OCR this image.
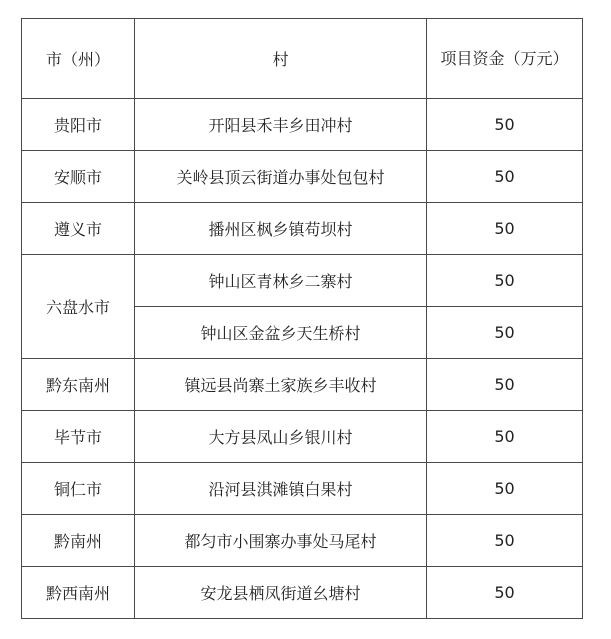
市（州）	村	项目资金（万元）
贵阳市	开阳县禾丰乡田冲村	50
安顺市	关岭县顶云街道办事处包包村	50
遵义市	播州区枫乡镇苟坝村	50
六盘水市	钟山区青林乡二寨村	50
	钟山区金盆乡天生桥村	50
黔东南州	镇远县尚寨土家族乡丰收村	50
毕节市	大方县凤山乡银川村	50
铜仁市	沿河县淇滩镇白果村	50
黔南州	都匀市小围寨办事处马尾村	50
黔西南州	安龙县栖凤街道幺塘村	50
